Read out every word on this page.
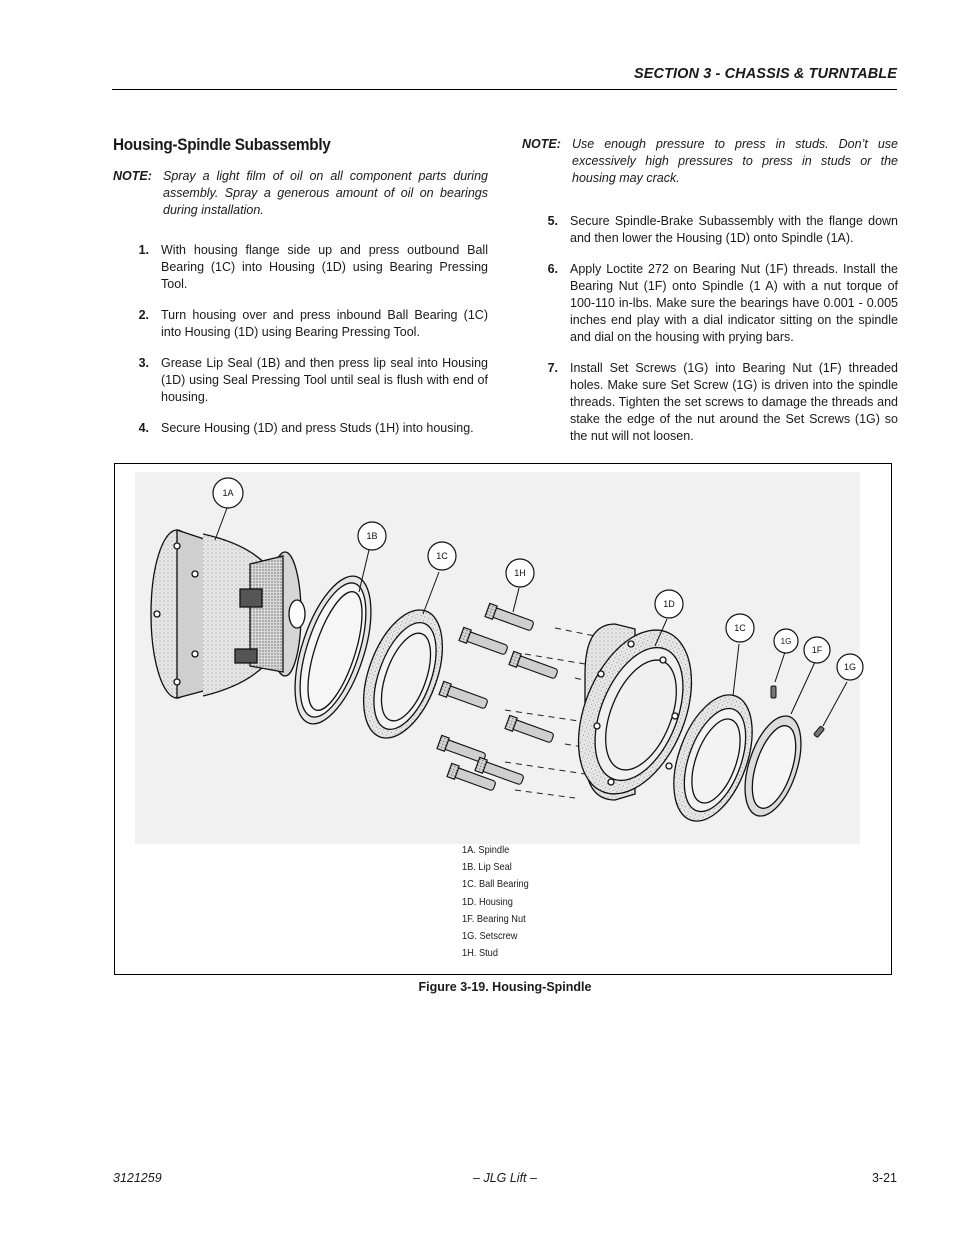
SECTION 3 - CHASSIS & TURNTABLE
Housing-Spindle Subassembly
NOTE: Spray a light film of oil on all component parts during assembly. Spray a generous amount of oil on bearings during installation.
1. With housing flange side up and press outbound Ball Bearing (1C) into Housing (1D) using Bearing Pressing Tool.
2. Turn housing over and press inbound Ball Bearing (1C) into Housing (1D) using Bearing Pressing Tool.
3. Grease Lip Seal (1B) and then press lip seal into Housing (1D) using Seal Pressing Tool until seal is flush with end of housing.
4. Secure Housing (1D) and press Studs (1H) into housing.
NOTE: Use enough pressure to press in studs. Don’t use excessively high pressures to press in studs or the housing may crack.
5. Secure Spindle-Brake Subassembly with the flange down and then lower the Housing (1D) onto Spindle (1A).
6. Apply Loctite 272 on Bearing Nut (1F) threads. Install the Bearing Nut (1F) onto Spindle (1 A) with a nut torque of 100-110 in-lbs. Make sure the bearings have 0.001 - 0.005 inches end play with a dial indicator sitting on the spindle and dial on the housing with prying bars.
7. Install Set Screws (1G) into Bearing Nut (1F) threaded holes. Make sure Set Screw (1G) is driven into the spindle threads. Tighten the set screws to damage the threads and stake the edge of the nut around the Set Screws (1G) so the nut will not loosen.
1A
1B
1C
1H
1D
1C
1G
1F
1G
1A. Spindle
1B. Lip Seal
1C. Ball Bearing
1D. Housing
1F. Bearing Nut
1G. Setscrew
1H. Stud
Figure 3-19. Housing-Spindle
3121259	– JLG Lift –	3-21
